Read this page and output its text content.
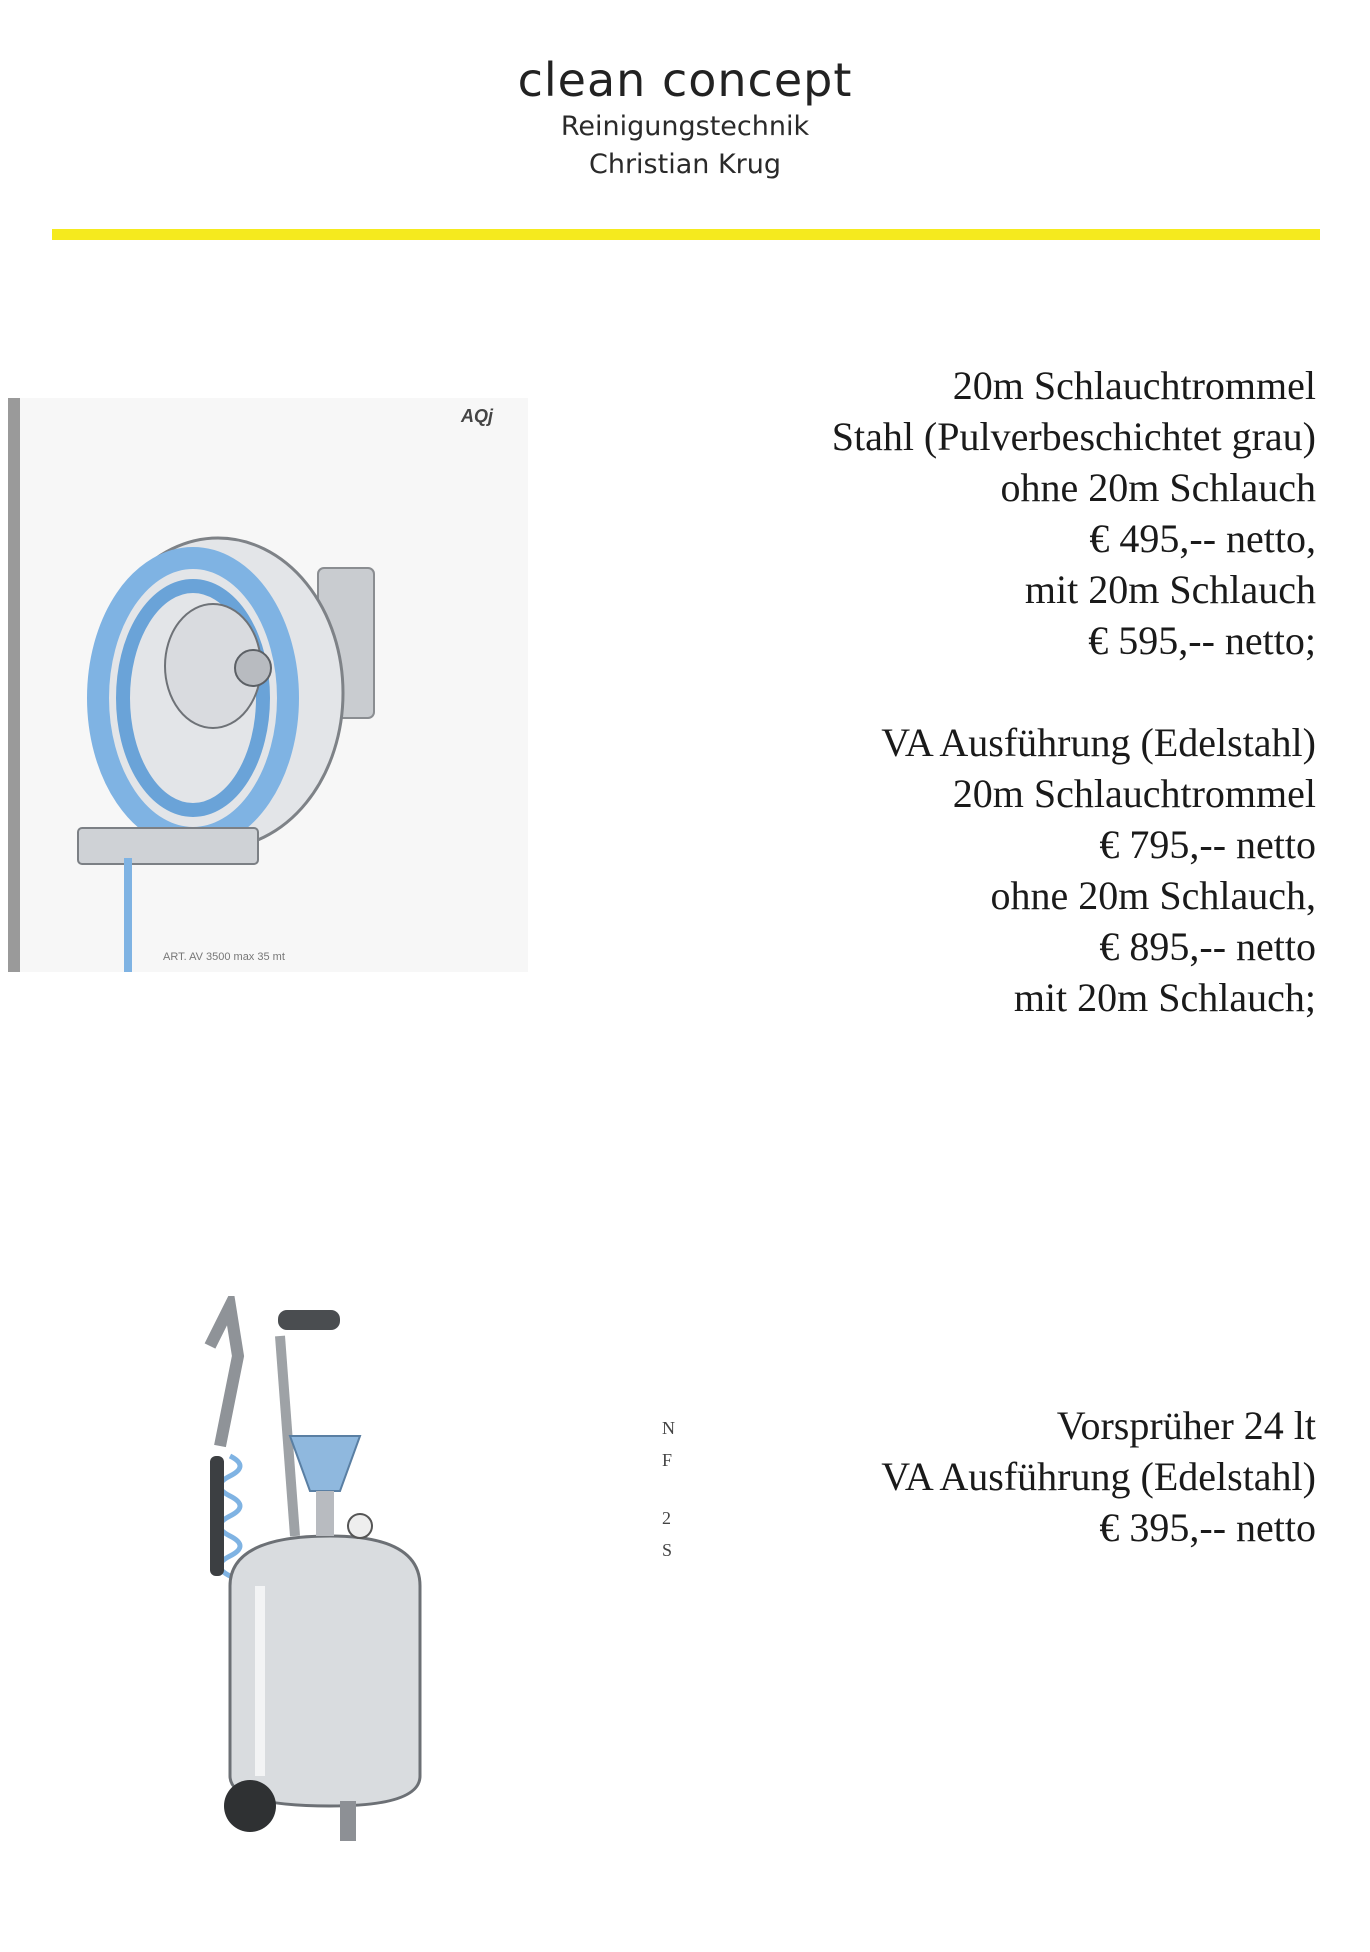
clean concept
Reinigungstechnik
Christian Krug
AQj
ART. AV 3500 max 35 mt

20m Schlauchtrommel

Stahl (Pulverbeschichtet grau)

ohne 20m Schlauch

€ 495,-- netto,

mit 20m Schlauch

€ 595,-- netto;

VA Ausführung (Edelstahl)

20m Schlauchtrommel

€ 795,-- netto

ohne 20m Schlauch,

€ 895,-- netto

mit 20m Schlauch;

N
F
2
S

Vorsprüher 24 lt

VA Ausführung (Edelstahl)

€ 395,-- netto
